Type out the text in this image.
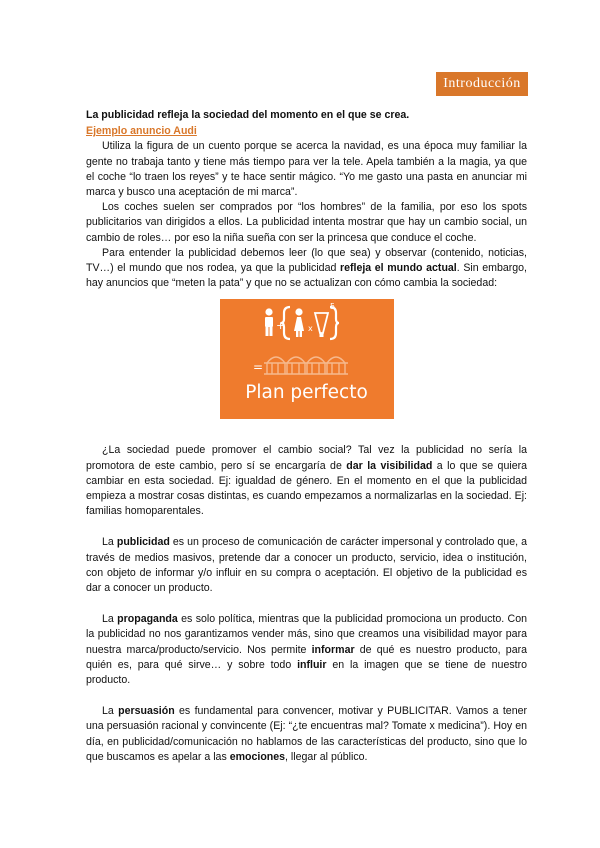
Introducción

La publicidad refleja la sociedad del momento en el que se crea.

Ejemplo anuncio Audi

Utiliza la figura de un cuento porque se acerca la navidad, es una época muy familiar la gente no trabaja tanto y tiene más tiempo para ver la tele. Apela también a la magia, ya que el coche “lo traen los reyes” y te hace sentir mágico. “Yo me gasto una pasta en anunciar mi marca y busco una aceptación de mi marca”.

Los coches suelen ser comprados por “los hombres” de la familia, por eso los spots publicitarios van dirigidos a ellos. La publicidad intenta mostrar que hay un cambio social, un cambio de roles… por eso la niña sueña con ser la princesa que conduce el coche.

Para entender la publicidad debemos leer (lo que sea) y observar (contenido, noticias, TV…) el mundo que nos rodea, ya que la publicidad refleja el mundo actual. Sin embargo, hay anuncios que “meten la pata” y que no se actualizan con cómo cambia la sociedad:

+	x
5
=
Plan perfecto

¿La sociedad puede promover el cambio social? Tal vez la publicidad no sería la promotora de este cambio, pero sí se encargaría de dar la visibilidad a lo que se quiera cambiar en esta sociedad. Ej: igualdad de género. En el momento en el que la publicidad empieza a mostrar cosas distintas, es cuando empezamos a normalizarlas en la sociedad. Ej: familias homoparentales.

La publicidad es un proceso de comunicación de carácter impersonal y controlado que, a través de medios masivos, pretende dar a conocer un producto, servicio, idea o institución, con objeto de informar y/o influir en su compra o aceptación. El objetivo de la publicidad es dar a conocer un producto.

La propaganda es solo política, mientras que la publicidad promociona un producto. Con la publicidad no nos garantizamos vender más, sino que creamos una visibilidad mayor para nuestra marca/producto/servicio. Nos permite informar de qué es nuestro producto, para quién es, para qué sirve… y sobre todo influir en la imagen que se tiene de nuestro producto.

La persuasión es fundamental para convencer, motivar y PUBLICITAR. Vamos a tener una persuasión racional y convincente (Ej: “¿te encuentras mal? Tomate x medicina”). Hoy en día, en publicidad/comunicación no hablamos de las características del producto, sino que lo que buscamos es apelar a las emociones, llegar al público.
